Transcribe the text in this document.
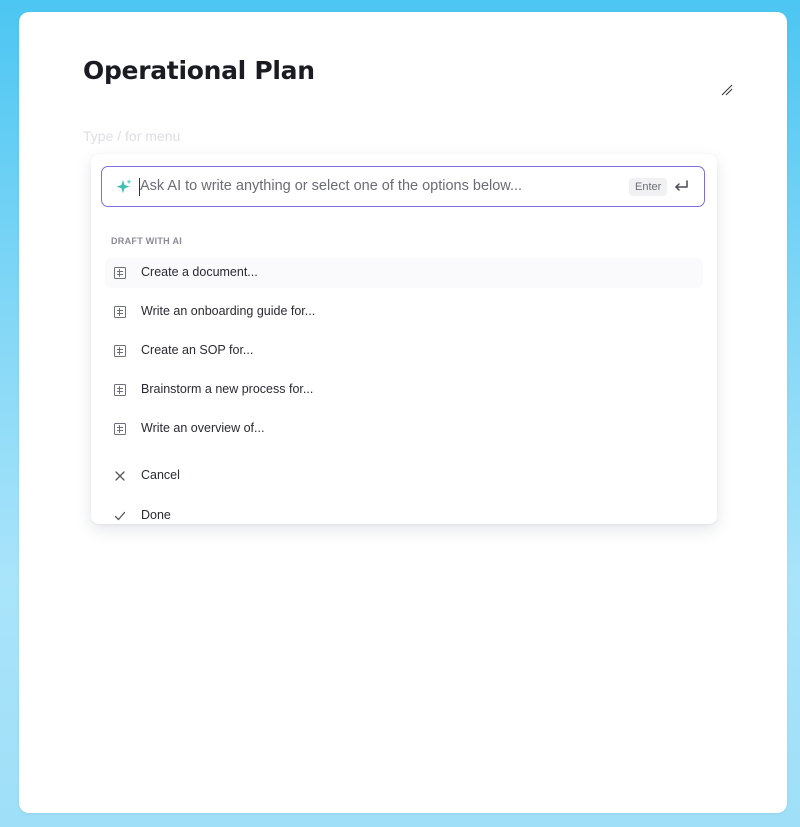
Operational Plan
Type / for menu
Ask AI to write anything or select one of the options below...
Enter
DRAFT WITH AI
Create a document...
Write an onboarding guide for...
Create an SOP for...
Brainstorm a new process for...
Write an overview of...
Cancel
Done
